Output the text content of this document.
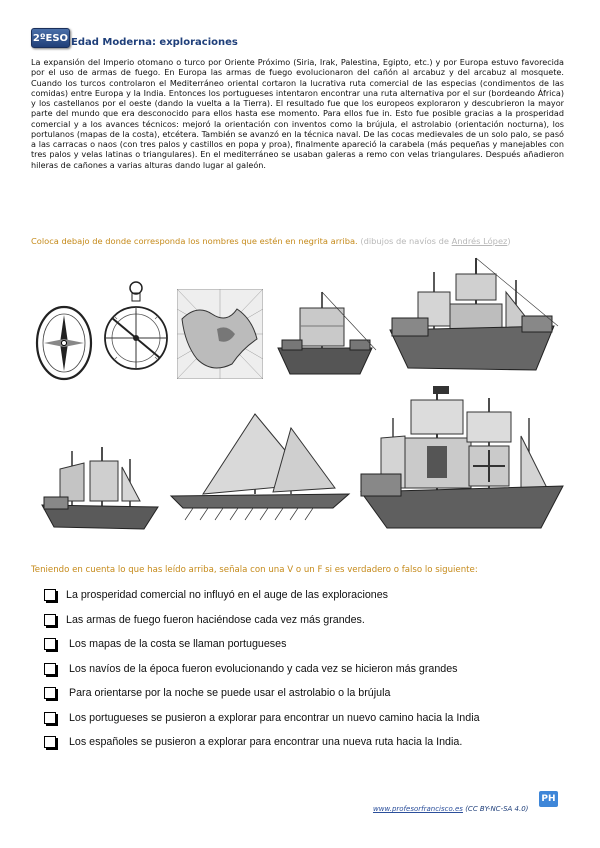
2ºESO Edad Moderna: exploraciones
La expansión del Imperio otomano o turco por Oriente Próximo (Siria, Irak, Palestina, Egipto, etc.) y por Europa estuvo favorecida por el uso de armas de fuego. En Europa las armas de fuego evolucionaron del cañón al arcabuz y del arcabuz al mosquete. Cuando los turcos controlaron el Mediterráneo oriental cortaron la lucrativa ruta comercial de las especias (condimentos de las comidas) entre Europa y la India. Entonces los portugueses intentaron encontrar una ruta alternativa por el sur (bordeando África) y los castellanos por el oeste (dando la vuelta a la Tierra). El resultado fue que los europeos exploraron y descubrieron la mayor parte del mundo que era desconocido para ellos hasta ese momento. Para ellos fue in. Esto fue posible gracias a la prosperidad comercial y a los avances técnicos: mejoró la orientación con inventos como la brújula, el astrolabio (orientación nocturna), los portulanos (mapas de la costa), etcétera. También se avanzó en la técnica naval. De las cocas medievales de un solo palo, se pasó a las carracas o naos (con tres palos y castillos en popa y proa), finalmente apareció la carabela (más pequeñas y manejables con tres palos y velas latinas o triangulares). En el mediterráneo se usaban galeras a remo con velas triangulares. Después añadieron hileras de cañones a varias alturas dando lugar al galeón.
Coloca debajo de donde corresponda los nombres que estén en negrita arriba. (dibujos de navíos de Andrés López)
Teniendo en cuenta lo que has leído arriba, señala con una V o un F si es verdadero o falso lo siguiente:
La prosperidad comercial no influyó en el auge de las exploraciones
Las armas de fuego fueron haciéndose cada vez más grandes.
Los mapas de la costa se llaman portugueses
Los navíos de la época fueron evolucionando y cada vez se hicieron más grandes
Para orientarse por la noche se puede usar el astrolabio o la brújula
Los portugueses se pusieron a explorar para encontrar un nuevo camino hacia la India
Los españoles se pusieron a explorar para encontrar una nueva ruta hacia la India.
www.profesorfrancisco.es (CC BY-NC-SA 4.0)
PH
